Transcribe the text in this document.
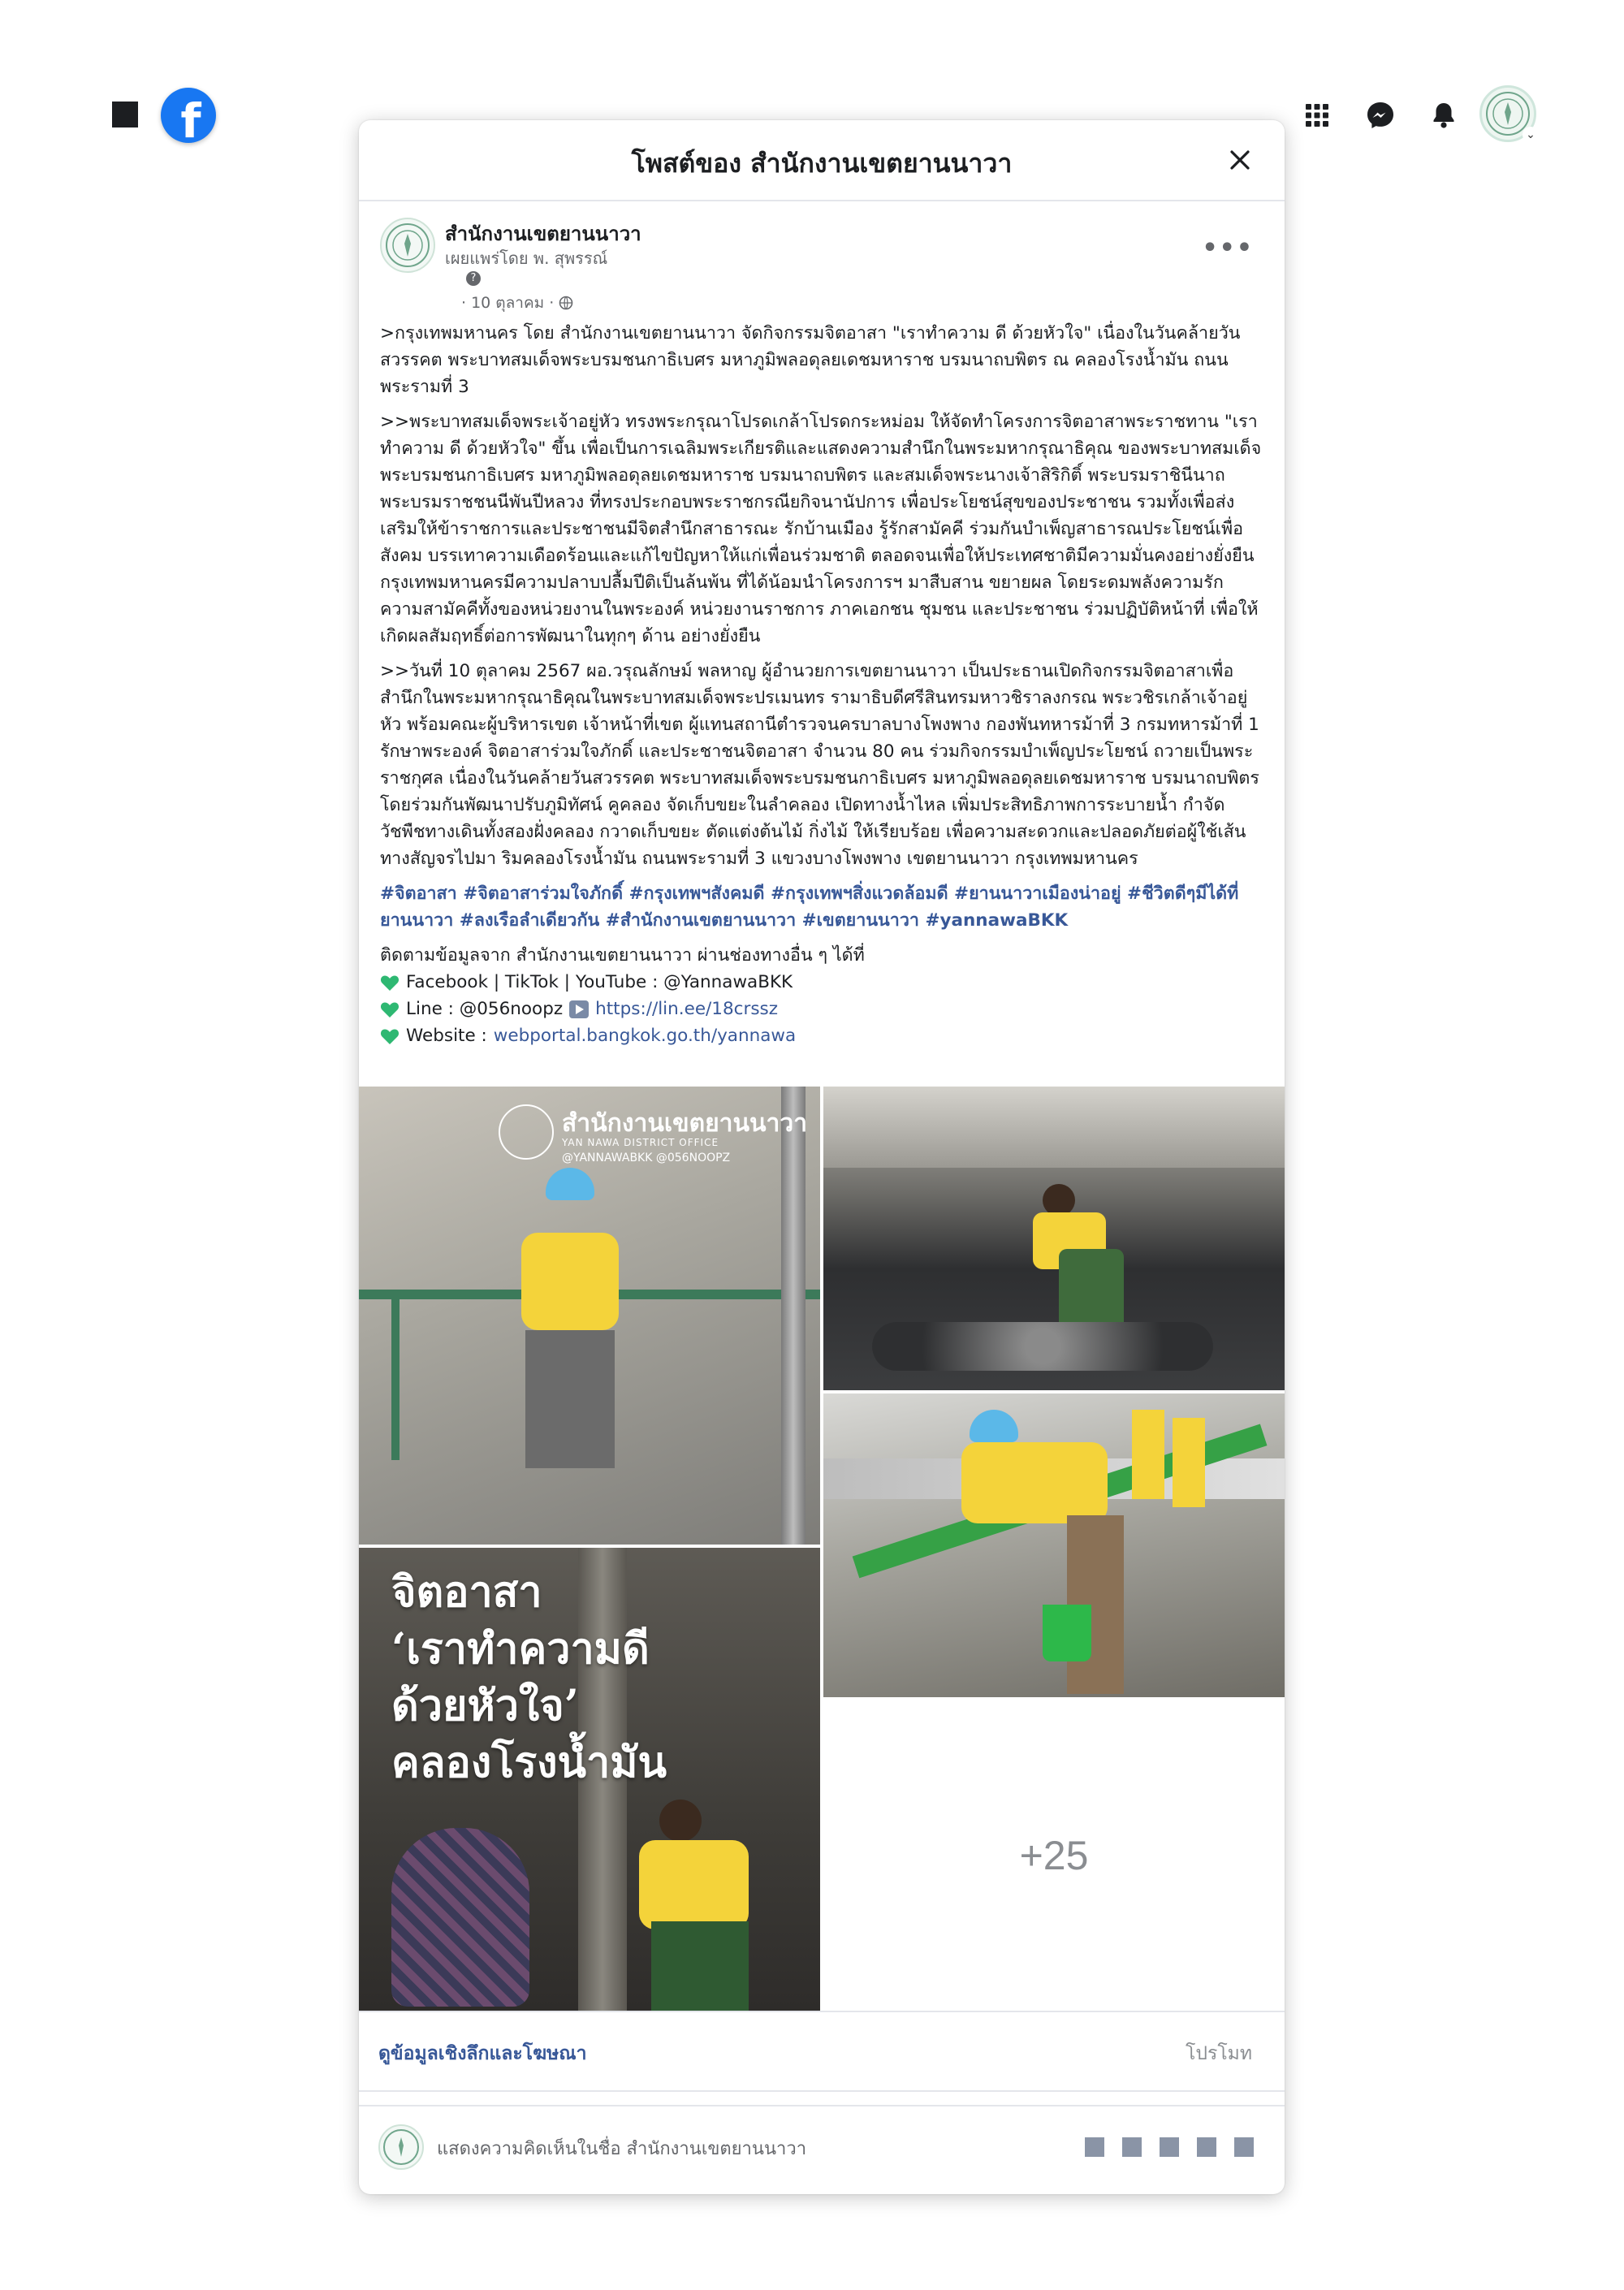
f	⌄
โพสต์ของ สำนักงานเขตยานนาวา
สำนักงานเขตยานนาวา
เผยแพร่โดย พ. สุพรรณ์
?
· 10 ตุลาคม ·
•••

>กรุงเทพมหานคร โดย สำนักงานเขตยานนาวา จัดกิจกรรมจิตอาสา "เราทำความ ดี ด้วยหัวใจ" เนื่องในวันคล้ายวันสวรรคต พระบาทสมเด็จพระบรมชนกาธิเบศร มหาภูมิพลอดุลยเดชมหาราช บรมนาถบพิตร ณ คลองโรงน้ำมัน ถนนพระรามที่ 3

>>พระบาทสมเด็จพระเจ้าอยู่หัว ทรงพระกรุณาโปรดเกล้าโปรดกระหม่อม ให้จัดทำโครงการจิตอาสาพระราชทาน "เราทำความ ดี ด้วยหัวใจ" ขึ้น เพื่อเป็นการเฉลิมพระเกียรติและแสดงความสำนึกในพระมหากรุณาธิคุณ ของพระบาทสมเด็จพระบรมชนกาธิเบศร มหาภูมิพลอดุลยเดชมหาราช บรมนาถบพิตร และสมเด็จพระนางเจ้าสิริกิติ์ พระบรมราชินีนาถ พระบรมราชชนนีพันปีหลวง ที่ทรงประกอบพระราชกรณียกิจนานัปการ เพื่อประโยชน์สุขของประชาชน รวมทั้งเพื่อส่งเสริมให้ข้าราชการและประชาชนมีจิตสำนึกสาธารณะ รักบ้านเมือง รู้รักสามัคคี ร่วมกันบำเพ็ญสาธารณประโยชน์เพื่อสังคม บรรเทาความเดือดร้อนและแก้ไขปัญหาให้แก่เพื่อนร่วมชาติ ตลอดจนเพื่อให้ประเทศชาติมีความมั่นคงอย่างยั่งยืน กรุงเทพมหานครมีความปลาบปลื้มปีติเป็นล้นพ้น ที่ได้น้อมนำโครงการฯ มาสืบสาน ขยายผล โดยระดมพลังความรัก ความสามัคคีทั้งของหน่วยงานในพระองค์ หน่วยงานราชการ ภาคเอกชน ชุมชน และประชาชน ร่วมปฏิบัติหน้าที่ เพื่อให้เกิดผลสัมฤทธิ์ต่อการพัฒนาในทุกๆ ด้าน อย่างยั่งยืน

>>วันที่ 10 ตุลาคม 2567 ผอ.วรุณลักษม์ พลหาญ ผู้อำนวยการเขตยานนาวา เป็นประธานเปิดกิจกรรมจิตอาสาเพื่อสำนึกในพระมหากรุณาธิคุณในพระบาทสมเด็จพระปรเมนทร รามาธิบดีศรีสินทรมหาวชิราลงกรณ พระวชิรเกล้าเจ้าอยู่หัว พร้อมคณะผู้บริหารเขต เจ้าหน้าที่เขต ผู้แทนสถานีตำรวจนครบาลบางโพงพาง กองพันทหารม้าที่ 3 กรมทหารม้าที่ 1 รักษาพระองค์ จิตอาสาร่วมใจภักดิ์ และประชาชนจิตอาสา จำนวน 80 คน ร่วมกิจกรรมบำเพ็ญประโยชน์ ถวายเป็นพระราชกุศล เนื่องในวันคล้ายวันสวรรคต พระบาทสมเด็จพระบรมชนกาธิเบศร มหาภูมิพลอดุลยเดชมหาราช บรมนาถบพิตร โดยร่วมกันพัฒนาปรับภูมิทัศน์ คูคลอง จัดเก็บขยะในลำคลอง เปิดทางน้ำไหล เพิ่มประสิทธิภาพการระบายน้ำ กำจัดวัชพืชทางเดินทั้งสองฝั่งคลอง กวาดเก็บขยะ ตัดแต่งต้นไม้ กิ่งไม้ ให้เรียบร้อย เพื่อความสะดวกและปลอดภัยต่อผู้ใช้เส้นทางสัญจรไปมา ริมคลองโรงน้ำมัน ถนนพระรามที่ 3 แขวงบางโพงพาง เขตยานนาวา กรุงเทพมหานคร

#จิตอาสา #จิตอาสาร่วมใจภักดิ์ #กรุงเทพฯสังคมดี #กรุงเทพฯสิ่งแวดล้อมดี #ยานนาวาเมืองน่าอยู่ #ชีวิตดีๆมีได้ที่ยานนาวา #ลงเรือลำเดียวกัน #สำนักงานเขตยานนาวา #เขตยานนาวา #yannawaBKK

ติดตามข้อมูลจาก สำนักงานเขตยานนาวา ผ่านช่องทางอื่น ๆ ได้ที่
Facebook | TikTok | YouTube : @YannawaBKK
Line : @056noopz https://lin.ee/18crssz
Website : webportal.bangkok.go.th/yannawa
สำนักงานเขตยานนาวา
YAN NAWA DISTRICT OFFICE
@YANNAWABKK @056NOOPZ
จิตอาสา
‘เราทำความดี
ด้วยหัวใจ’
คลองโรงน้ำมัน
+25
ดูข้อมูลเชิงลึกและโฆษณา	โปรโมท
แสดงความคิดเห็นในชื่อ สำนักงานเขตยานนาวา
